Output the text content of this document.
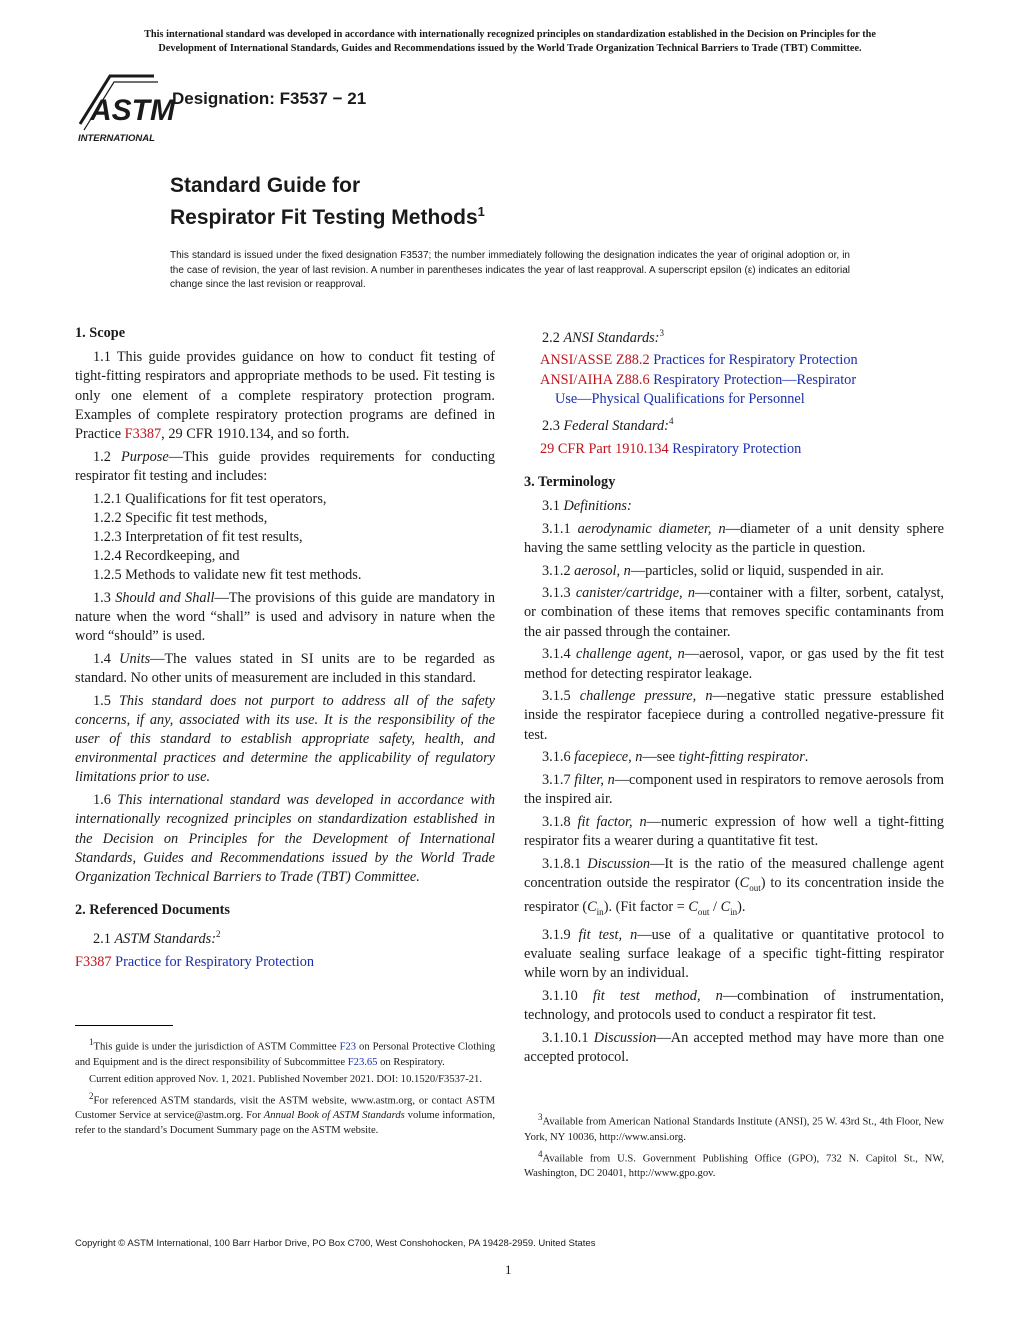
This international standard was developed in accordance with internationally recognized principles on standardization established in the Decision on Principles for the
Development of International Standards, Guides and Recommendations issued by the World Trade Organization Technical Barriers to Trade (TBT) Committee.
ASTM
INTERNATIONAL
Designation: F3537 − 21
Standard Guide for
Respirator Fit Testing Methods$^1$
This standard is issued under the fixed designation F3537; the number immediately following the designation indicates the year of original adoption or, in the case of revision, the year of last revision. A number in parentheses indicates the year of last reapproval. A superscript epsilon (ε) indicates an editorial change since the last revision or reapproval.
1. Scope

1.1 This guide provides guidance on how to conduct fit testing of tight-fitting respirators and appropriate methods to be used. Fit testing is only one element of a complete respiratory protection program. Examples of complete respiratory protection programs are defined in Practice F3387, 29 CFR 1910.134, and so forth.

1.2 Purpose—This guide provides requirements for conducting respirator fit testing and includes:

1.2.1 Qualifications for fit test operators,
1.2.2 Specific fit test methods,
1.2.3 Interpretation of fit test results,
1.2.4 Recordkeeping, and
1.2.5 Methods to validate new fit test methods.

1.3 Should and Shall—The provisions of this guide are mandatory in nature when the word “shall” is used and advisory in nature when the word “should” is used.

1.4 Units—The values stated in SI units are to be regarded as standard. No other units of measurement are included in this standard.

1.5 This standard does not purport to address all of the safety concerns, if any, associated with its use. It is the responsibility of the user of this standard to establish appropriate safety, health, and environmental practices and determine the applicability of regulatory limitations prior to use.

1.6 This international standard was developed in accordance with internationally recognized principles on standardization established in the Decision on Principles for the Development of International Standards, Guides and Recommendations issued by the World Trade Organization Technical Barriers to Trade (TBT) Committee.

2. Referenced Documents

2.1 ASTM Standards:$^2$

F3387 Practice for Respiratory Protection

2.2 ANSI Standards:$^3$

ANSI/ASSE Z88.2 Practices for Respiratory Protection

ANSI/AIHA Z88.6 Respiratory Protection—Respirator

Use—Physical Qualifications for Personnel

2.3 Federal Standard:$^4$

29 CFR Part 1910.134 Respiratory Protection

3. Terminology

3.1 Definitions:

3.1.1 aerodynamic diameter, n—diameter of a unit density sphere having the same settling velocity as the particle in question.

3.1.2 aerosol, n—particles, solid or liquid, suspended in air.

3.1.3 canister/cartridge, n—container with a filter, sorbent, catalyst, or combination of these items that removes specific contaminants from the air passed through the container.

3.1.4 challenge agent, n—aerosol, vapor, or gas used by the fit test method for detecting respirator leakage.

3.1.5 challenge pressure, n—negative static pressure established inside the respirator facepiece during a controlled negative-pressure fit test.

3.1.6 facepiece, n—see tight-fitting respirator.

3.1.7 filter, n—component used in respirators to remove aerosols from the inspired air.

3.1.8 fit factor, n—numeric expression of how well a tight-fitting respirator fits a wearer during a quantitative fit test.

3.1.8.1 Discussion—It is the ratio of the measured challenge agent concentration outside the respirator $(C_{out})$ to its concentration inside the respirator $(C_{in})$. (Fit factor = $C_{out} / C_{in}$).

3.1.9 fit test, n—use of a qualitative or quantitative protocol to evaluate sealing surface leakage of a specific tight-fitting respirator while worn by an individual.

3.1.10 fit test method, n—combination of instrumentation, technology, and protocols used to conduct a respirator fit test.

3.1.10.1 Discussion—An accepted method may have more than one accepted protocol.

$^1$This guide is under the jurisdiction of ASTM Committee F23 on Personal Protective Clothing and Equipment and is the direct responsibility of Subcommittee F23.65 on Respiratory.

Current edition approved Nov. 1, 2021. Published November 2021. DOI: 10.1520/F3537-21.

$^2$For referenced ASTM standards, visit the ASTM website, www.astm.org, or contact ASTM Customer Service at service@astm.org. For Annual Book of ASTM Standards volume information, refer to the standard’s Document Summary page on the ASTM website.

$^3$Available from American National Standards Institute (ANSI), 25 W. 43rd St., 4th Floor, New York, NY 10036, http://www.ansi.org.

$^4$Available from U.S. Government Publishing Office (GPO), 732 N. Capitol St., NW, Washington, DC 20401, http://www.gpo.gov.

Copyright © ASTM International, 100 Barr Harbor Drive, PO Box C700, West Conshohocken, PA 19428-2959. United States
1
